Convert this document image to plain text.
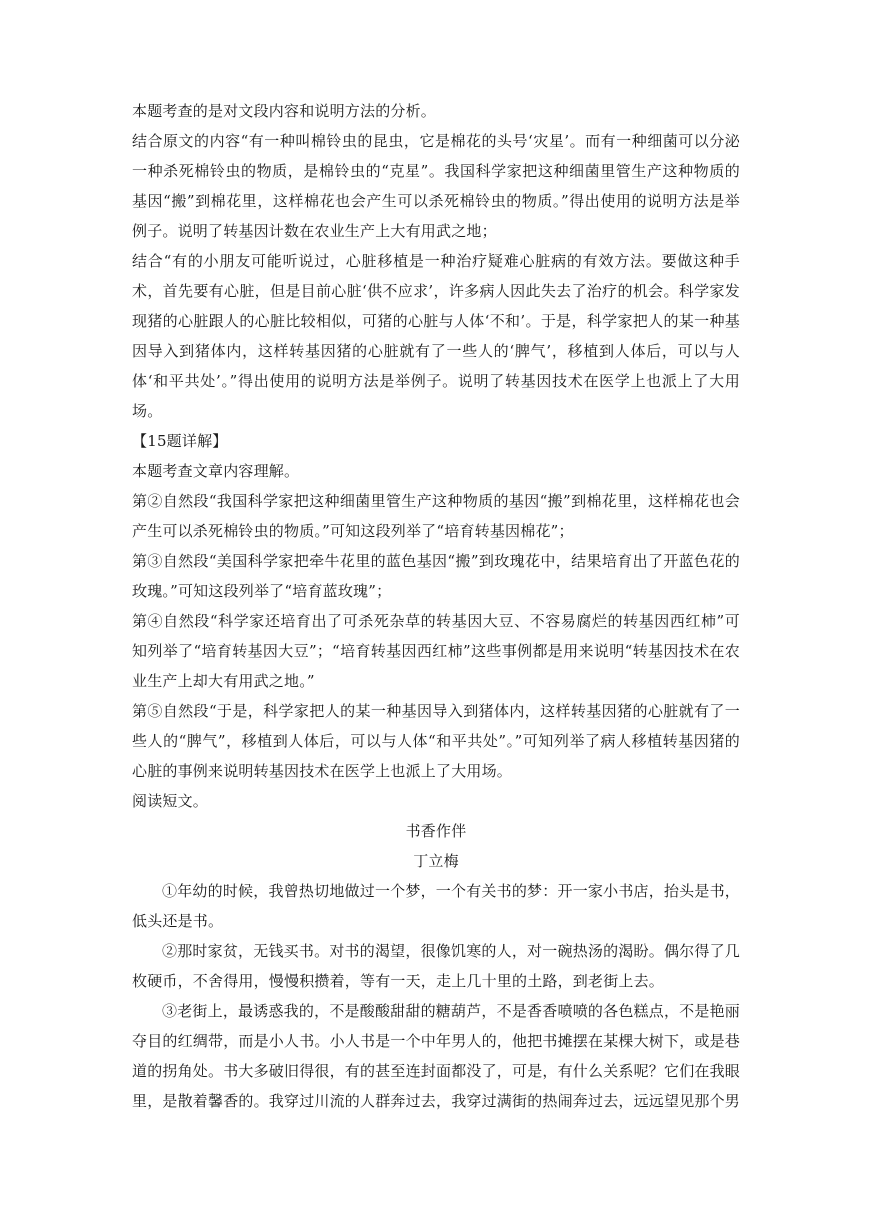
本题考查的是对文段内容和说明方法的分析。

结合原文的内容“有一种叫棉铃虫的昆虫，它是棉花的头号‘灾星’。而有一种细菌可以分泌一种杀死棉铃虫的物质，是棉铃虫的“克星”。我国科学家把这种细菌里管生产这种物质的基因“搬”到棉花里，这样棉花也会产生可以杀死棉铃虫的物质。”得出使用的说明方法是举例子。说明了转基因计数在农业生产上大有用武之地；

结合“有的小朋友可能听说过，心脏移植是一种治疗疑难心脏病的有效方法。要做这种手术，首先要有心脏，但是目前心脏‘供不应求’，许多病人因此失去了治疗的机会。科学家发现猪的心脏跟人的心脏比较相似，可猪的心脏与人体‘不和’。于是，科学家把人的某一种基因导入到猪体内，这样转基因猪的心脏就有了一些人的‘脾气’，移植到人体后，可以与人体‘和平共处’。”得出使用的说明方法是举例子。说明了转基因技术在医学上也派上了大用场。

【15题详解】

本题考查文章内容理解。

第②自然段“我国科学家把这种细菌里管生产这种物质的基因“搬”到棉花里，这样棉花也会产生可以杀死棉铃虫的物质。”可知这段列举了“培育转基因棉花”；

第③自然段“美国科学家把牵牛花里的蓝色基因“搬”到玫瑰花中，结果培育出了开蓝色花的玫瑰。”可知这段列举了“培育蓝玫瑰”；

第④自然段“科学家还培育出了可杀死杂草的转基因大豆、不容易腐烂的转基因西红柿”可知列举了“培育转基因大豆”；“培育转基因西红柿”这些事例都是用来说明“转基因技术在农业生产上却大有用武之地。”

第⑤自然段“于是，科学家把人的某一种基因导入到猪体内，这样转基因猪的心脏就有了一些人的“脾气”，移植到人体后，可以与人体“和平共处”。”可知列举了病人移植转基因猪的心脏的事例来说明转基因技术在医学上也派上了大用场。

阅读短文。

书香作伴

丁立梅

①年幼的时候，我曾热切地做过一个梦，一个有关书的梦：开一家小书店，抬头是书，低头还是书。

②那时家贫，无钱买书。对书的渴望，很像饥寒的人，对一碗热汤的渴盼。偶尔得了几枚硬币，不舍得用，慢慢积攒着，等有一天，走上几十里的土路，到老街上去。

③老街上，最诱惑我的，不是酸酸甜甜的糖葫芦，不是香香喷喷的各色糕点，不是艳丽夺目的红绸带，而是小人书。小人书是一个中年男人的，他把书摊摆在某棵大树下，或是巷道的拐角处。书大多破旧得很，有的甚至连封面都没了，可是，有什么关系呢？它们在我眼里，是散着馨香的。我穿过川流的人群奔过去，我穿过满街的热闹奔过去，远远望见那个男
